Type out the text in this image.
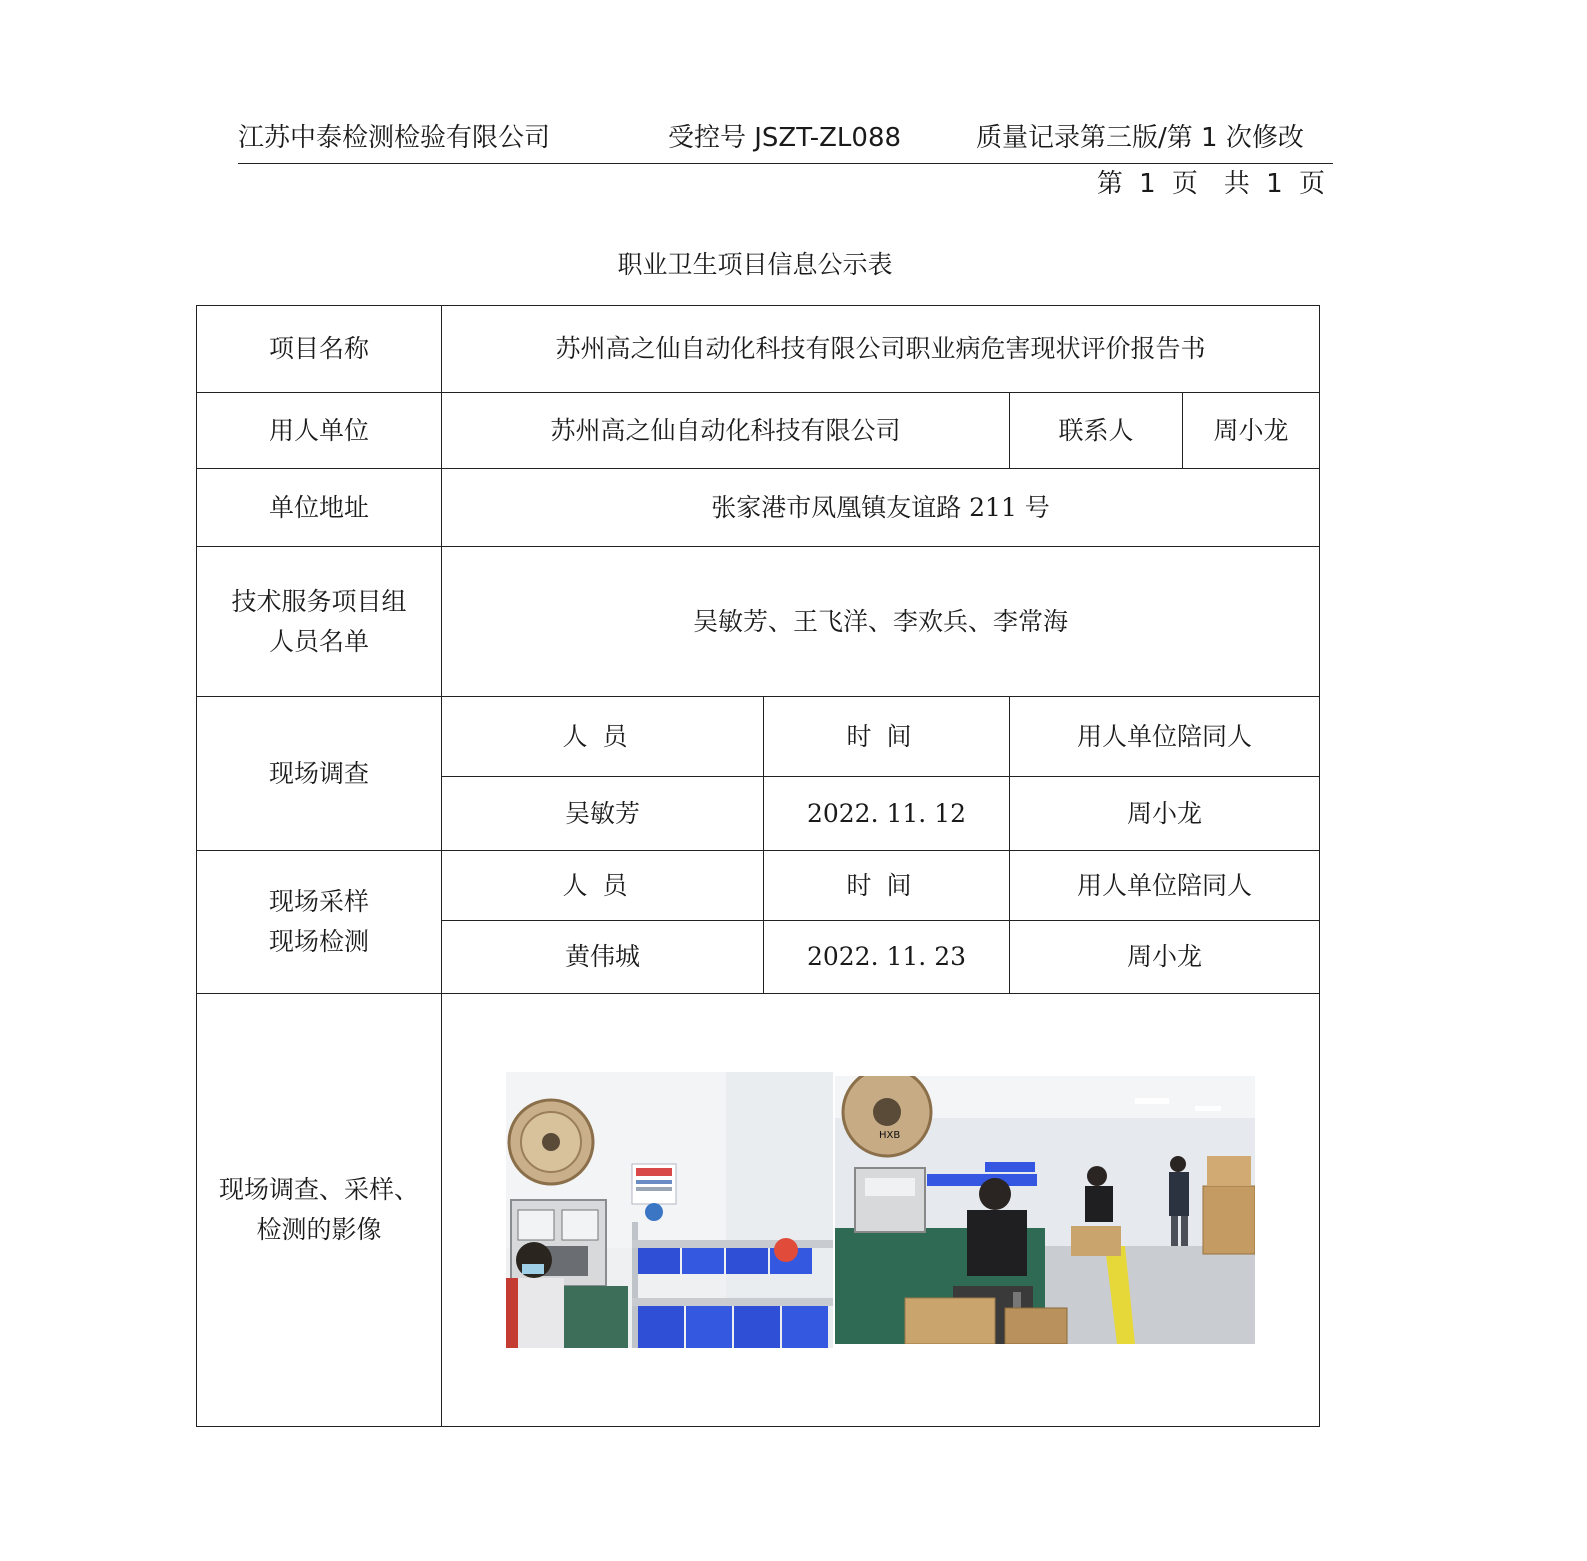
江苏中泰检测检验有限公司	受控号 JSZT-ZL088	质量记录第三版/第 1 次修改
第 1 页　共 1 页
职业卫生项目信息公示表
项目名称	苏州高之仙自动化科技有限公司职业病危害现状评价报告书			
用人单位	苏州高之仙自动化科技有限公司		联系人	周小龙
单位地址	张家港市凤凰镇友谊路 211 号			

技术服务项目组
人员名单	吴敏芳、王飞洋、李欢兵、李常海			
现场调查	人员	时间	用人单位陪同人	
	吴敏芳	2022. 11. 12	周小龙	

现场采样
现场检测	人员	时间	用人单位陪同人	
	黄伟城	2022. 11. 23	周小龙	

现场调查、采样、
检测的影像	HXB			
